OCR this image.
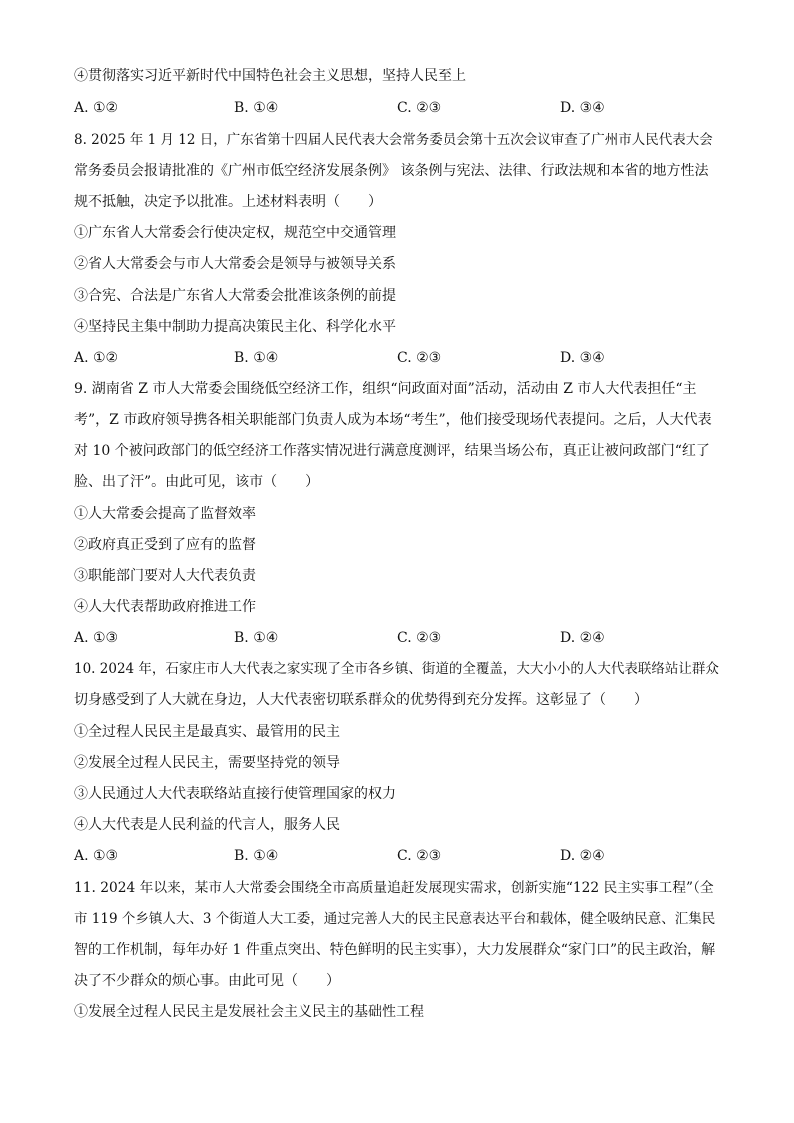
④贯彻落实习近平新时代中国特色社会主义思想，坚持人民至上
A. ①②	B. ①④	C. ②③	D. ③④
8. 2025 年 1 月 12 日，广东省第十四届人民代表大会常务委员会第十五次会议审查了广州市人民代表大会
常务委员会报请批准的《广州市低空经济发展条例》 该条例与宪法、法律、行政法规和本省的地方性法
规不抵触，决定予以批准。上述材料表明（　　）
①广东省人大常委会行使决定权，规范空中交通管理
②省人大常委会与市人大常委会是领导与被领导关系
③合宪、合法是广东省人大常委会批准该条例的前提
④坚持民主集中制助力提高决策民主化、科学化水平
A. ①②	B. ①④	C. ②③	D. ③④
9. 湖南省 Z 市人大常委会围绕低空经济工作，组织“问政面对面”活动，活动由 Z 市人大代表担任“主
考”，Z 市政府领导携各相关职能部门负责人成为本场“考生”，他们接受现场代表提问。之后，人大代表
对 10 个被问政部门的低空经济工作落实情况进行满意度测评，结果当场公布，真正让被问政部门“红了
脸、出了汗”。由此可见，该市（　　）
①人大常委会提高了监督效率
②政府真正受到了应有的监督
③职能部门要对人大代表负责
④人大代表帮助政府推进工作
A. ①③	B. ①④	C. ②③	D. ②④
10. 2024 年，石家庄市人大代表之家实现了全市各乡镇、街道的全覆盖，大大小小的人大代表联络站让群众
切身感受到了人大就在身边，人大代表密切联系群众的优势得到充分发挥。这彰显了（　　）
①全过程人民民主是最真实、最管用的民主
②发展全过程人民民主，需要坚持党的领导
③人民通过人大代表联络站直接行使管理国家的权力
④人大代表是人民利益的代言人，服务人民
A. ①③	B. ①④	C. ②③	D. ②④
11. 2024 年以来，某市人大常委会围绕全市高质量追赶发展现实需求，创新实施“122 民主实事工程”（全
市 119 个乡镇人大、3 个街道人大工委，通过完善人大的民主民意表达平台和载体，健全吸纳民意、汇集民
智的工作机制，每年办好 1 件重点突出、特色鲜明的民主实事），大力发展群众“家门口”的民主政治，解
决了不少群众的烦心事。由此可见（　　）
①发展全过程人民民主是发展社会主义民主的基础性工程
